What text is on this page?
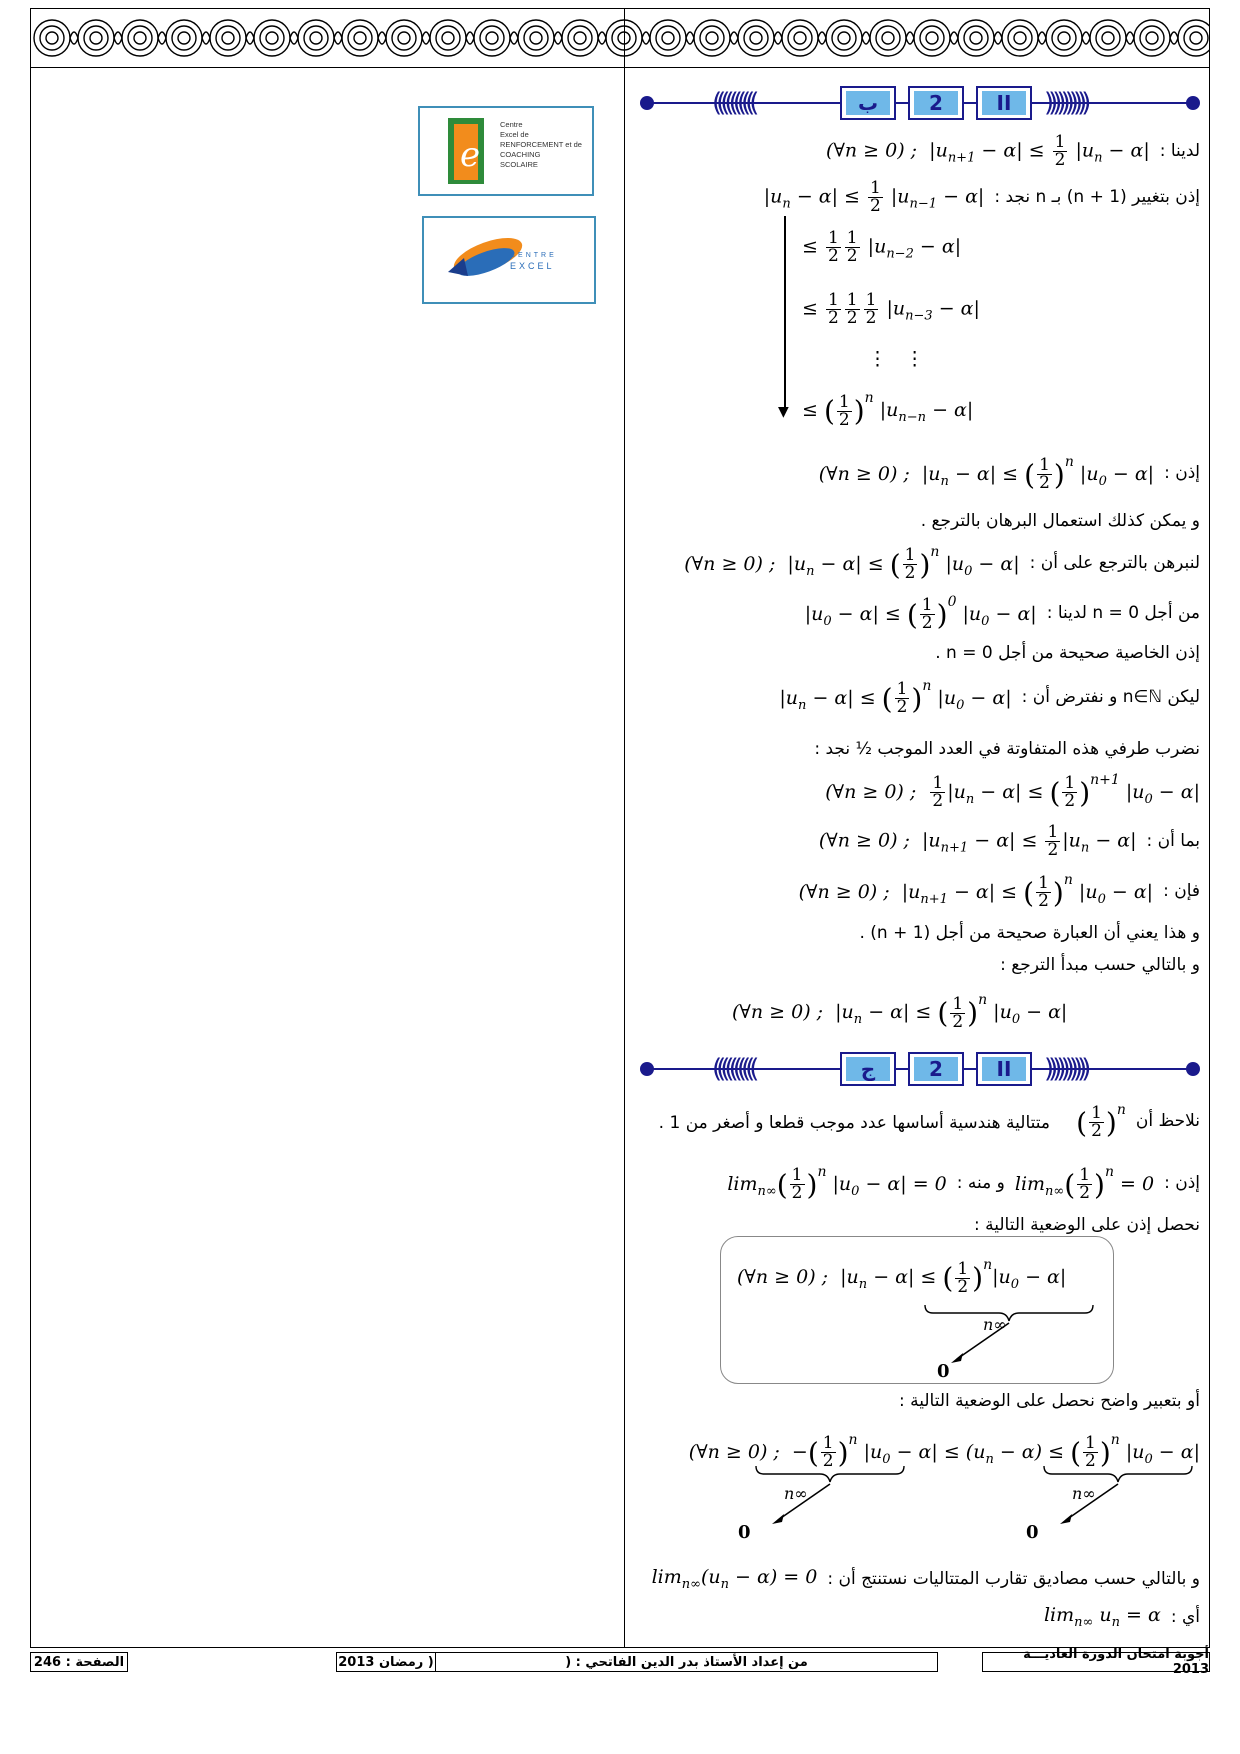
e
Centre
Excel de
RENFORCEMENT et de
COACHING
SCOLAIRE
CENTRE
EXCEL
((((((((((	ب	2	II	))))))))))
(∀n ≥ 0) ;  $|u_{n+1} - \alpha| \le \frac{1}{2} |u_n - \alpha|$ لدينا :
$|u_n - \alpha| \le \frac{1}{2} |u_{n-1} - \alpha|$ إذن بتغيير (n + 1) بـ n نجد :
≤ $\frac{1}{2} \frac{1}{2} |u_{n-2} - \alpha|$
≤ $\frac{1}{2} \frac{1}{2} \frac{1}{2} |u_{n-3} - \alpha|$
⋮   ⋮
≤ ( $\frac{1}{2} )^n$ $|u_{n-n} - \alpha|$
▼
(∀n ≥ 0) ;  $|u_n - \alpha|$ ≤ ( $\frac{1}{2} )^n$ $|u_0 - \alpha|$ إذن :
و يمكن كذلك استعمال البرهان بالترجع .
(∀n ≥ 0) ;  $|u_n - \alpha|$ ≤ ( $\frac{1}{2} )^n$ $|u_0 - \alpha|$ لنبرهن بالترجع على أن :
$|u_0 - \alpha|$ ≤ ( $\frac{1}{2} )^0$ $|u_0 - \alpha|$ من أجل n = 0 لدينا :
إذن الخاصية صحيحة من أجل n = 0 .
$|u_n - \alpha|$ ≤ ( $\frac{1}{2} )^n$ $|u_0 - \alpha|$ ليكن n∈ℕ و نفترض أن :
نضرب طرفي هذه المتفاوتة في العدد الموجب ½ نجد :
(∀n ≥ 0) ; $\frac{1}{2} |u_n - \alpha|$ ≤ ( $\frac{1}{2} )^{n+1}$ $|u_0 - \alpha|$
(∀n ≥ 0) ;  $|u_{n+1} - \alpha| \le \frac{1}{2} |u_n - \alpha|$ بما أن :
(∀n ≥ 0) ;  $|u_{n+1} - \alpha|$ ≤ ( $\frac{1}{2} )^n$ $|u_0 - \alpha|$ فإن :
و هذا يعني أن العبارة صحيحة من أجل (n + 1) .
و بالتالي حسب مبدأ الترجع :
(∀n ≥ 0) ;  $|u_n - \alpha|$ ≤ ( $\frac{1}{2} )^n$ $|u_0 - \alpha|$
((((((((((	ج	2	II	))))))))))
( $\frac{1}{2} )^n$
نلاحظ أن
متتالية هندسية أساسها عدد موجب قطعا و أصغر من 1 .
$\lim_{n\infty}( \frac{1}{2} )^n$ $|u_0 - \alpha| = 0$ و منه : $\lim_{n\infty}( \frac{1}{2} )^n = 0$ إذن :
نحصل إذن على الوضعية التالية :
(∀n ≥ 0) ;  $|u_n - \alpha|$ ≤ ( $\frac{1}{2} )^n|u_0 - \alpha|$
n∞
0
أو بتعبير واضح نحصل على الوضعية التالية :
(∀n ≥ 0) ;  −( $\frac{1}{2} )^n$ $|u_0 - \alpha| \le (u_n - \alpha)$ ≤ ( $\frac{1}{2} )^n$ $|u_0 - \alpha|$
n∞
0
n∞
0
$\lim_{n\infty}(u_n - \alpha) = 0$ و بالتالي حسب مصاديق تقارب المتتاليات نستنتج أن :
$\lim_{n\infty} u_n = \alpha$ أي :
الصفحة : 246	( رمضان 2013	من إعداد الأستاذ بدر الدين الفاتحي : (	أجوبة امتحان الدورة العاديـــة 2013
